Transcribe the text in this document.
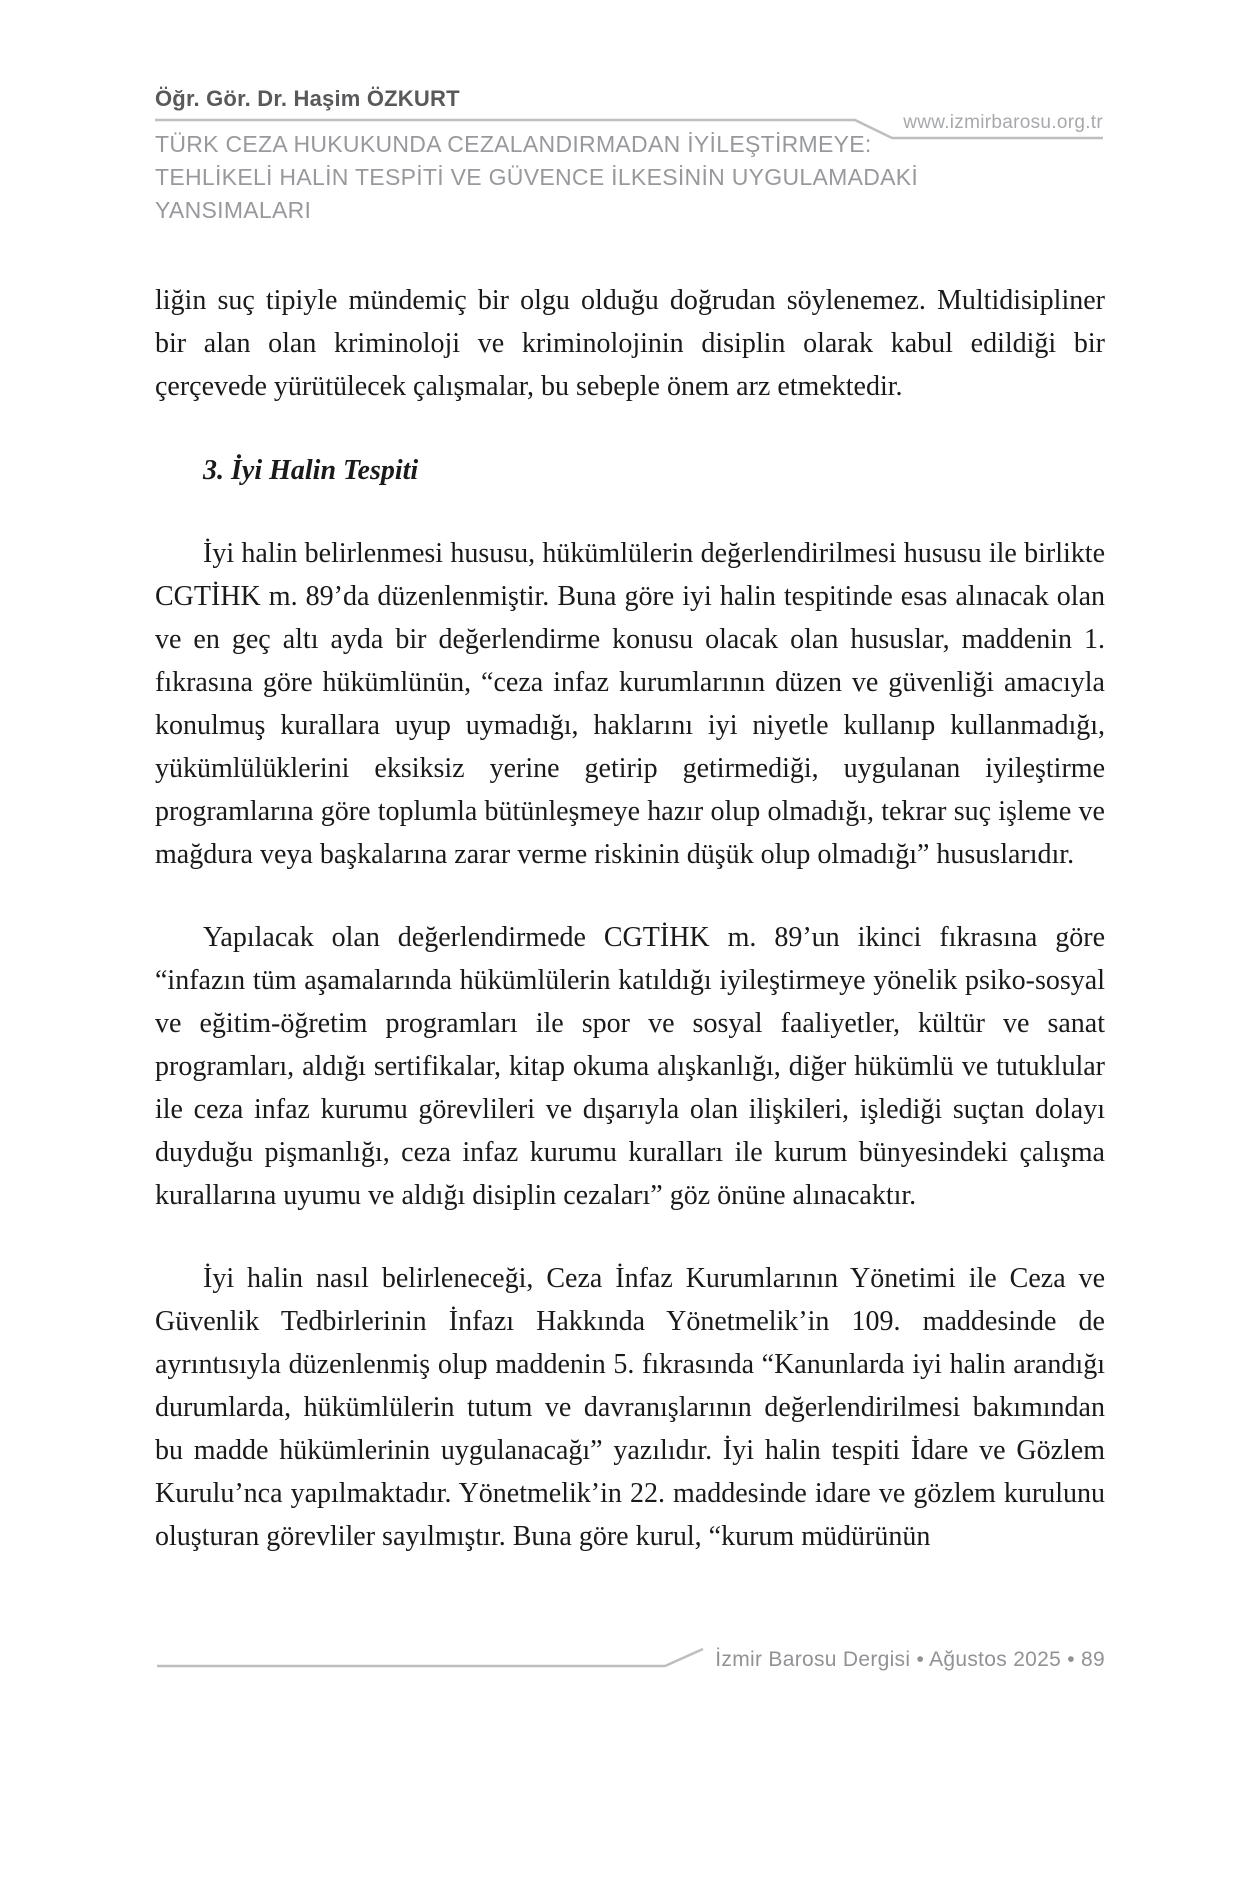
Öğr. Gör. Dr. Haşim ÖZKURT
www.izmirbarosu.org.tr
TÜRK CEZA HUKUKUNDA CEZALANDIRMADAN İYİLEŞTİRMEYE:
TEHLİKELİ HALİN TESPİTİ VE GÜVENCE İLKESİNİN UYGULAMADAKİ YANSIMALARI

liğin suç tipiyle mündemiç bir olgu olduğu doğrudan söylenemez. Multidisipliner bir alan olan kriminoloji ve kriminolojinin disiplin olarak kabul edildiği bir çerçevede yürütülecek çalışmalar, bu sebeple önem arz etmektedir.

3. İyi Halin Tespiti

İyi halin belirlenmesi hususu, hükümlülerin değerlendirilmesi hususu ile birlikte CGTİHK m. 89’da düzenlenmiştir. Buna göre iyi halin tespitinde esas alınacak olan ve en geç altı ayda bir değerlendirme konusu olacak olan hususlar, maddenin 1. fıkrasına göre hükümlünün, “ceza infaz kurumlarının düzen ve güvenliği amacıyla konulmuş kurallara uyup uymadığı, haklarını iyi niyetle kullanıp kullanmadığı, yükümlülüklerini eksiksiz yerine getirip getirmediği, uygulanan iyileştirme programlarına göre toplumla bütünleşmeye hazır olup olmadığı, tekrar suç işleme ve mağdura veya başkalarına zarar verme riskinin düşük olup olmadığı” hususlarıdır.

Yapılacak olan değerlendirmede CGTİHK m. 89’un ikinci fıkrasına göre “infazın tüm aşamalarında hükümlülerin katıldığı iyileştirmeye yönelik psiko-sosyal ve eğitim-öğretim programları ile spor ve sosyal faaliyetler, kültür ve sanat programları, aldığı sertifikalar, kitap okuma alışkanlığı, diğer hükümlü ve tutuklular ile ceza infaz kurumu görevlileri ve dışarıyla olan ilişkileri, işlediği suçtan dolayı duyduğu pişmanlığı, ceza infaz kurumu kuralları ile kurum bünyesindeki çalışma kurallarına uyumu ve aldığı disiplin cezaları” göz önüne alınacaktır.

İyi halin nasıl belirleneceği, Ceza İnfaz Kurumlarının Yönetimi ile Ceza ve Güvenlik Tedbirlerinin İnfazı Hakkında Yönetmelik’in 109. maddesinde de ayrıntısıyla düzenlenmiş olup maddenin 5. fıkrasında “Kanunlarda iyi halin arandığı durumlarda, hükümlülerin tutum ve davranışlarının değerlendirilmesi bakımından bu madde hükümlerinin uygulanacağı” yazılıdır. İyi halin tespiti İdare ve Gözlem Kurulu’nca yapılmaktadır. Yönetmelik’in 22. maddesinde idare ve gözlem kurulunu oluşturan görevliler sayılmıştır. Buna göre kurul, “kurum müdürünün

İzmir Barosu Dergisi • Ağustos 2025 • 89
